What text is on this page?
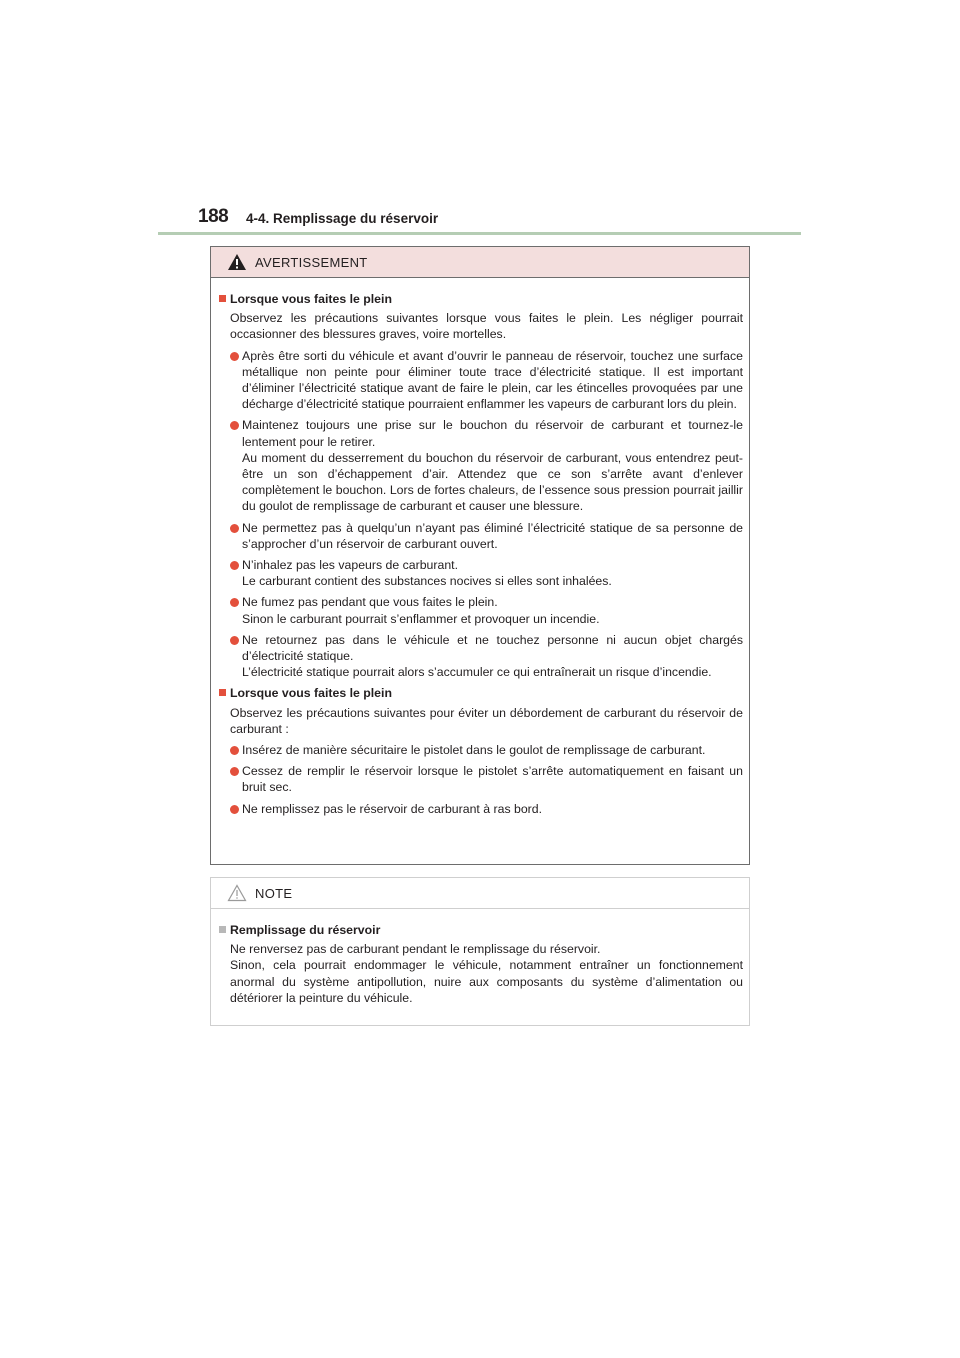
188 4-4. Remplissage du réservoir
AVERTISSEMENT
Lorsque vous faites le plein
Observez les précautions suivantes lorsque vous faites le plein. Les négliger pourrait occasionner des blessures graves, voire mortelles.
Après être sorti du véhicule et avant d’ouvrir le panneau de réservoir, touchez une surface métallique non peinte pour éliminer toute trace d’électricité statique. Il est important d’éliminer l’électricité statique avant de faire le plein, car les étincelles provoquées par une décharge d’électricité statique pourraient enflammer les vapeurs de carburant lors du plein.
Maintenez toujours une prise sur le bouchon du réservoir de carburant et tournez-le lentement pour le retirer.
Au moment du desserrement du bouchon du réservoir de carburant, vous entendrez peut-être un son d’échappement d’air. Attendez que ce son s’arrête avant d’enlever complètement le bouchon. Lors de fortes chaleurs, de l’essence sous pression pourrait jaillir du goulot de remplissage de carburant et causer une blessure.
Ne permettez pas à quelqu’un n’ayant pas éliminé l’électricité statique de sa personne de s’approcher d’un réservoir de carburant ouvert.
N’inhalez pas les vapeurs de carburant.
Le carburant contient des substances nocives si elles sont inhalées.
Ne fumez pas pendant que vous faites le plein.
Sinon le carburant pourrait s’enflammer et provoquer un incendie.
Ne retournez pas dans le véhicule et ne touchez personne ni aucun objet chargés d’électricité statique.
L’électricité statique pourrait alors s’accumuler ce qui entraînerait un risque d’incendie.
Lorsque vous faites le plein
Observez les précautions suivantes pour éviter un débordement de carburant du réservoir de carburant :
Insérez de manière sécuritaire le pistolet dans le goulot de remplissage de carburant.
Cessez de remplir le réservoir lorsque le pistolet s’arrête automatiquement en faisant un bruit sec.
Ne remplissez pas le réservoir de carburant à ras bord.
NOTE
Remplissage du réservoir
Ne renversez pas de carburant pendant le remplissage du réservoir.
Sinon, cela pourrait endommager le véhicule, notamment entraîner un fonctionnement anormal du système antipollution, nuire aux composants du système d’alimentation ou détériorer la peinture du véhicule.
